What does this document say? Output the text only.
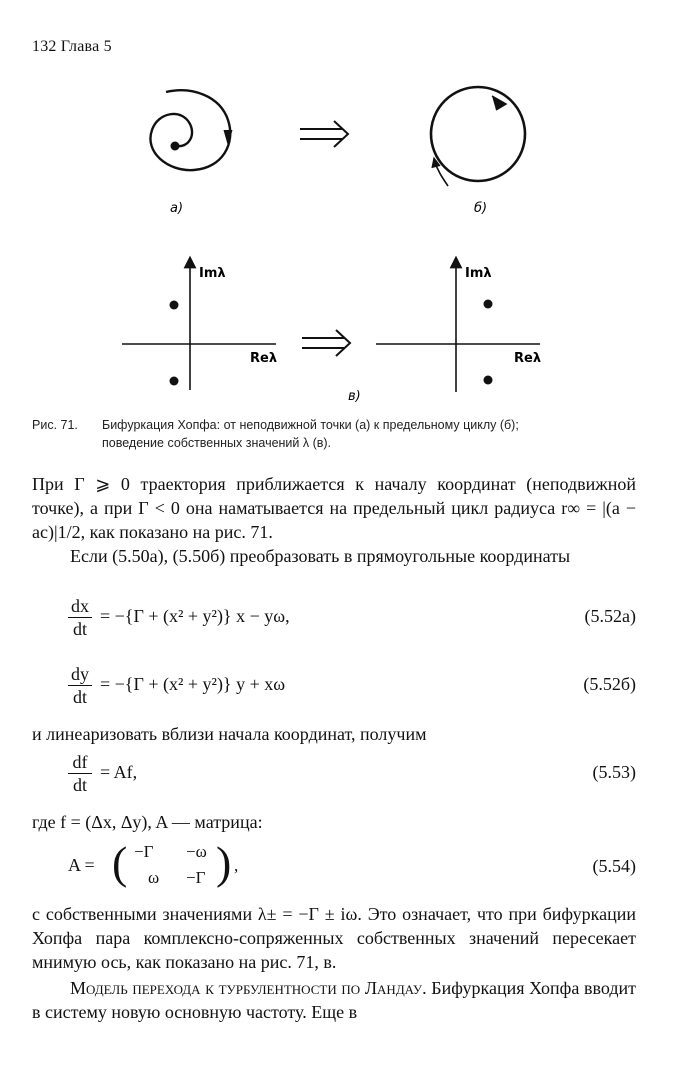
132 Глава 5
а)	б)
Imλ
Reλ
Imλ
Reλ
в)
Рис. 71. Бифуркация Хопфа: от неподвижной точки (а) к предельному циклу (б);
поведение собственных значений λ (в).
При Γ ⩾ 0 траектория приближается к началу координат (неподвижной точке), а при Γ < 0 она наматывается на предельный цикл радиуса r∞ = |(a − ac)|1/2, как показано на рис. 71.
Если (5.50а), (5.50б) преобразовать в прямоугольные координаты
dx
dt
= −{Γ + (x² + y²)} x − yω,	(5.52а)
dy
dt
= −{Γ + (x² + y²)} y + xω	(5.52б)
и линеаризовать вблизи начала координат, получим
df
dt
= Af,	(5.53)
где f = (Δx, Δy), A — матрица:
A = ( −Γ −ω
ω −Γ ) ,	(5.54)
с собственными значениями λ± = −Γ ± iω. Это означает, что при бифуркации Хопфа пара комплексно-сопряженных собственных значений пересекает мнимую ось, как показано на рис. 71, в.
Модель перехода к турбулентности по Ландау. Бифуркация Хопфа вводит в систему новую основную частоту. Еще в
